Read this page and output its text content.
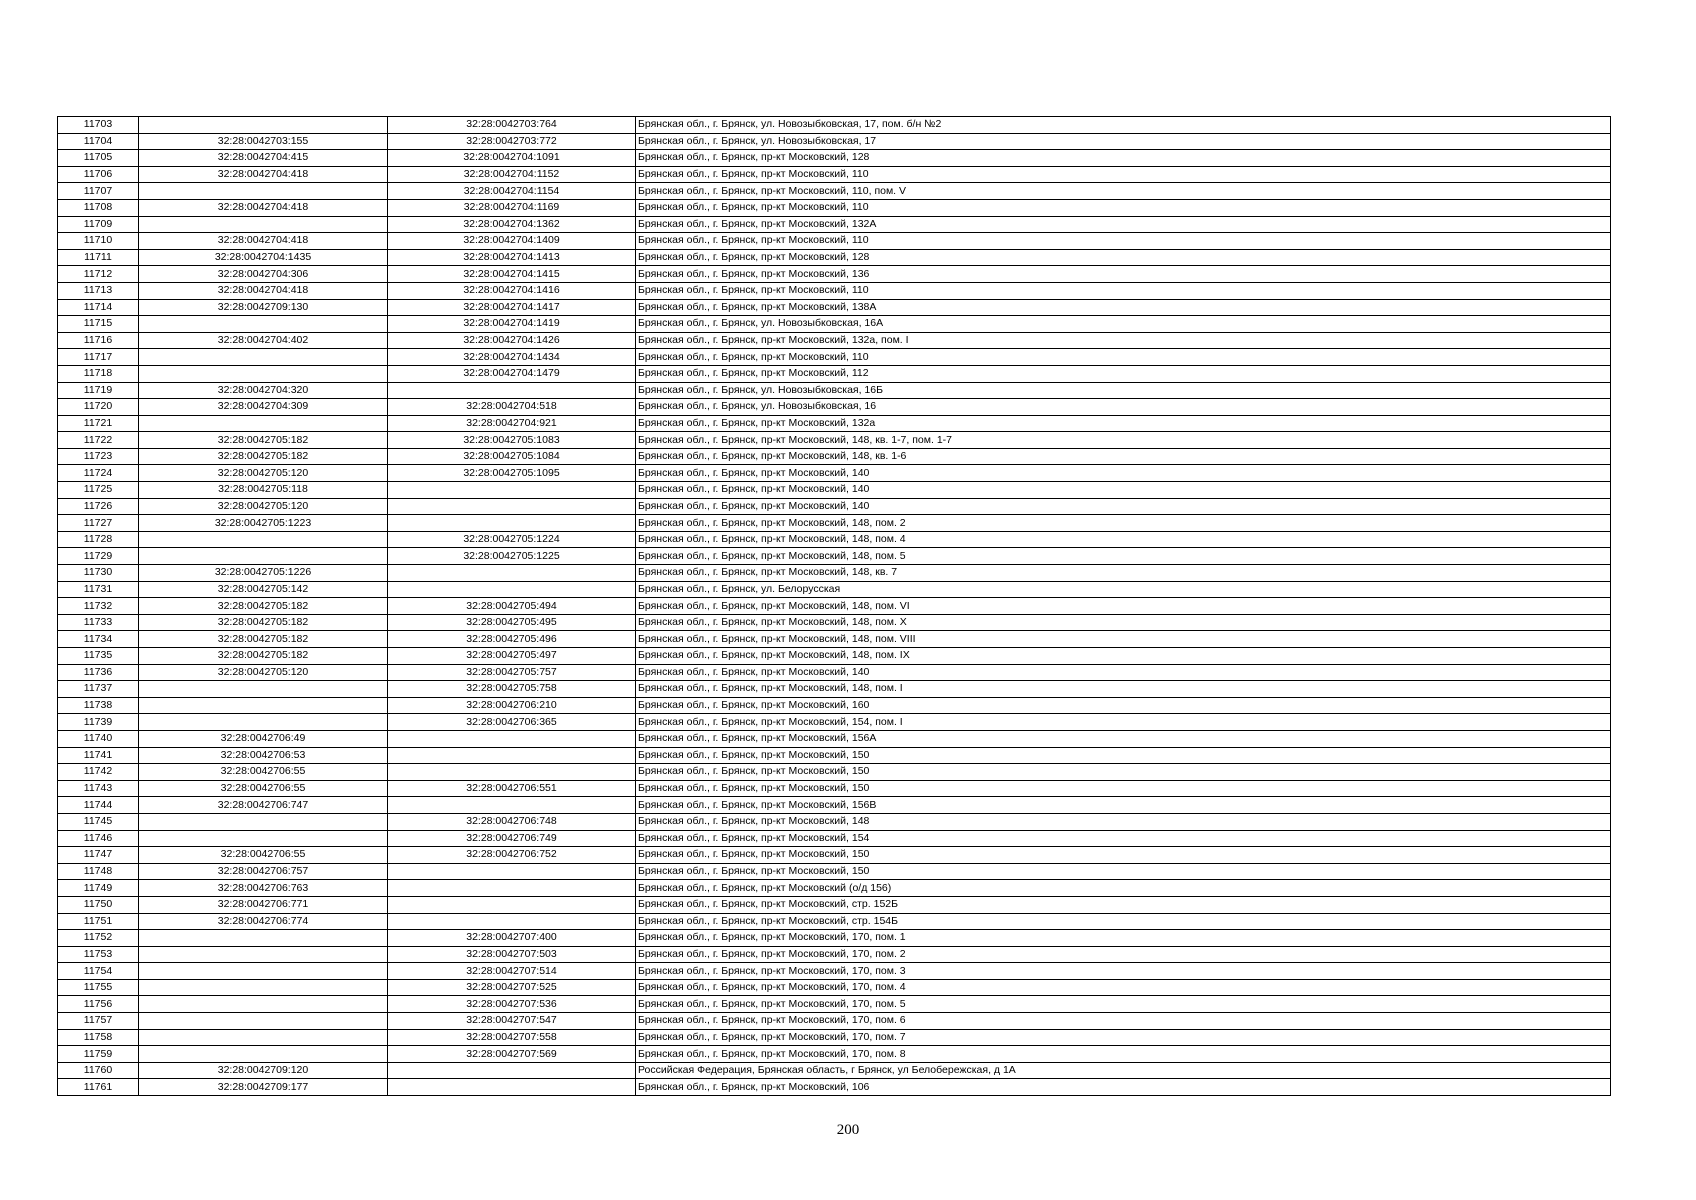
11703		32:28:0042703:764	Брянская обл., г. Брянск, ул. Новозыбковская, 17, пом. б/н №2
11704	32:28:0042703:155	32:28:0042703:772	Брянская обл., г. Брянск, ул. Новозыбковская, 17
11705	32:28:0042704:415	32:28:0042704:1091	Брянская обл., г. Брянск, пр-кт Московский, 128
11706	32:28:0042704:418	32:28:0042704:1152	Брянская обл., г. Брянск, пр-кт Московский, 110
11707		32:28:0042704:1154	Брянская обл., г. Брянск, пр-кт Московский, 110, пом. V
11708	32:28:0042704:418	32:28:0042704:1169	Брянская обл., г. Брянск, пр-кт Московский, 110
11709		32:28:0042704:1362	Брянская обл., г. Брянск, пр-кт Московский, 132А
11710	32:28:0042704:418	32:28:0042704:1409	Брянская обл., г. Брянск, пр-кт Московский, 110
11711	32:28:0042704:1435	32:28:0042704:1413	Брянская обл., г. Брянск, пр-кт Московский, 128
11712	32:28:0042704:306	32:28:0042704:1415	Брянская обл., г. Брянск, пр-кт Московский, 136
11713	32:28:0042704:418	32:28:0042704:1416	Брянская обл., г. Брянск, пр-кт Московский, 110
11714	32:28:0042709:130	32:28:0042704:1417	Брянская обл., г. Брянск, пр-кт Московский, 138А
11715		32:28:0042704:1419	Брянская обл., г. Брянск, ул. Новозыбковская, 16А
11716	32:28:0042704:402	32:28:0042704:1426	Брянская обл., г. Брянск, пр-кт Московский, 132а, пом. I
11717		32:28:0042704:1434	Брянская обл., г. Брянск, пр-кт Московский, 110
11718		32:28:0042704:1479	Брянская обл., г. Брянск, пр-кт Московский, 112
11719	32:28:0042704:320		Брянская обл., г. Брянск, ул. Новозыбковская, 16Б
11720	32:28:0042704:309	32:28:0042704:518	Брянская обл., г. Брянск, ул. Новозыбковская, 16
11721		32:28:0042704:921	Брянская обл., г. Брянск, пр-кт Московский, 132а
11722	32:28:0042705:182	32:28:0042705:1083	Брянская обл., г. Брянск, пр-кт Московский, 148, кв. 1-7, пом. 1-7
11723	32:28:0042705:182	32:28:0042705:1084	Брянская обл., г. Брянск, пр-кт Московский, 148, кв. 1-6
11724	32:28:0042705:120	32:28:0042705:1095	Брянская обл., г. Брянск, пр-кт Московский, 140
11725	32:28:0042705:118		Брянская обл., г. Брянск, пр-кт Московский, 140
11726	32:28:0042705:120		Брянская обл., г. Брянск, пр-кт Московский, 140
11727	32:28:0042705:1223		Брянская обл., г. Брянск, пр-кт Московский, 148, пом. 2
11728		32:28:0042705:1224	Брянская обл., г. Брянск, пр-кт Московский, 148, пом. 4
11729		32:28:0042705:1225	Брянская обл., г. Брянск, пр-кт Московский, 148, пом. 5
11730	32:28:0042705:1226		Брянская обл., г. Брянск, пр-кт Московский, 148, кв. 7
11731	32:28:0042705:142		Брянская обл., г. Брянск, ул. Белорусская
11732	32:28:0042705:182	32:28:0042705:494	Брянская обл., г. Брянск, пр-кт Московский, 148, пом. VI
11733	32:28:0042705:182	32:28:0042705:495	Брянская обл., г. Брянск, пр-кт Московский, 148, пом. X
11734	32:28:0042705:182	32:28:0042705:496	Брянская обл., г. Брянск, пр-кт Московский, 148, пом. VIII
11735	32:28:0042705:182	32:28:0042705:497	Брянская обл., г. Брянск, пр-кт Московский, 148, пом. IX
11736	32:28:0042705:120	32:28:0042705:757	Брянская обл., г. Брянск, пр-кт Московский, 140
11737		32:28:0042705:758	Брянская обл., г. Брянск, пр-кт Московский, 148, пом. I
11738		32:28:0042706:210	Брянская обл., г. Брянск, пр-кт Московский, 160
11739		32:28:0042706:365	Брянская обл., г. Брянск, пр-кт Московский, 154, пом. I
11740	32:28:0042706:49		Брянская обл., г. Брянск, пр-кт Московский, 156А
11741	32:28:0042706:53		Брянская обл., г. Брянск, пр-кт Московский, 150
11742	32:28:0042706:55		Брянская обл., г. Брянск, пр-кт Московский, 150
11743	32:28:0042706:55	32:28:0042706:551	Брянская обл., г. Брянск, пр-кт Московский, 150
11744	32:28:0042706:747		Брянская обл., г. Брянск, пр-кт Московский, 156В
11745		32:28:0042706:748	Брянская обл., г. Брянск, пр-кт Московский, 148
11746		32:28:0042706:749	Брянская обл., г. Брянск, пр-кт Московский, 154
11747	32:28:0042706:55	32:28:0042706:752	Брянская обл., г. Брянск, пр-кт Московский, 150
11748	32:28:0042706:757		Брянская обл., г. Брянск, пр-кт Московский, 150
11749	32:28:0042706:763		Брянская обл., г. Брянск, пр-кт Московский (о/д 156)
11750	32:28:0042706:771		Брянская обл., г. Брянск, пр-кт Московский, стр. 152Б
11751	32:28:0042706:774		Брянская обл., г. Брянск, пр-кт Московский, стр. 154Б
11752		32:28:0042707:400	Брянская обл., г. Брянск, пр-кт Московский, 170, пом. 1
11753		32:28:0042707:503	Брянская обл., г. Брянск, пр-кт Московский, 170, пом. 2
11754		32:28:0042707:514	Брянская обл., г. Брянск, пр-кт Московский, 170, пом. 3
11755		32:28:0042707:525	Брянская обл., г. Брянск, пр-кт Московский, 170, пом. 4
11756		32:28:0042707:536	Брянская обл., г. Брянск, пр-кт Московский, 170, пом. 5
11757		32:28:0042707:547	Брянская обл., г. Брянск, пр-кт Московский, 170, пом. 6
11758		32:28:0042707:558	Брянская обл., г. Брянск, пр-кт Московский, 170, пом. 7
11759		32:28:0042707:569	Брянская обл., г. Брянск, пр-кт Московский, 170, пом. 8
11760	32:28:0042709:120		Российская Федерация, Брянская область, г Брянск, ул Белобережская, д 1А
11761	32:28:0042709:177		Брянская обл., г. Брянск, пр-кт Московский, 106
200
